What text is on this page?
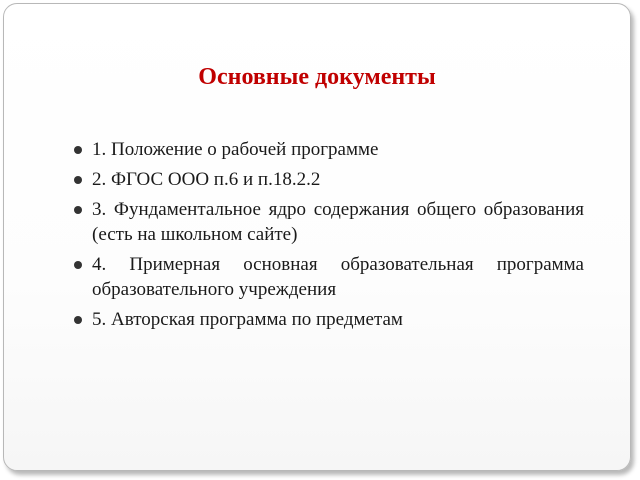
Основные документы
1. Положение о рабочей программе
2. ФГОС ООО п.6 и п.18.2.2
3. Фундаментальное ядро содержания общего образования (есть на школьном сайте)
4. Примерная основная образовательная программа образовательного учреждения
5. Авторская программа по предметам
